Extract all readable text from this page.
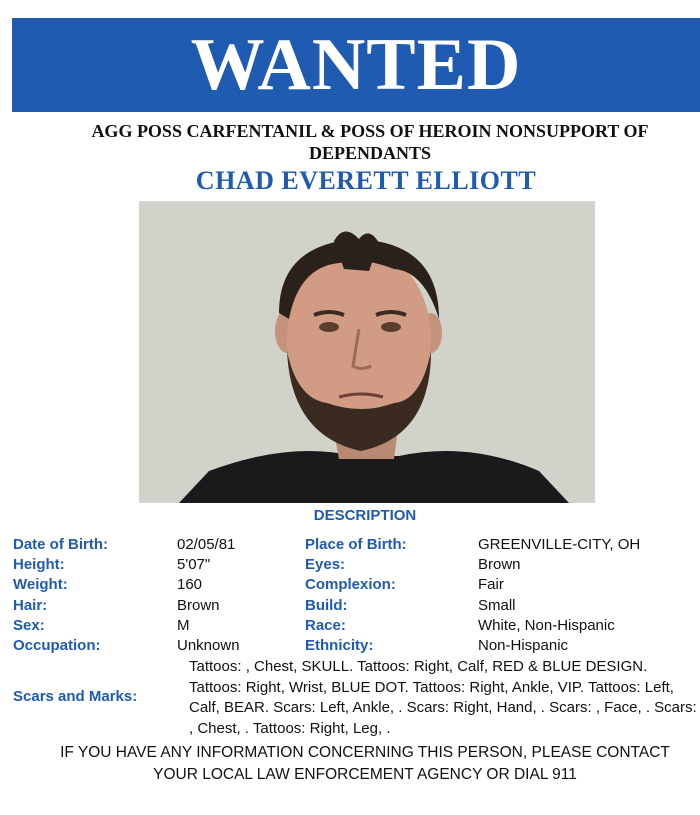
WANTED
AGG POSS CARFENTANIL & POSS OF HEROIN NONSUPPORT OF DEPENDANTS
CHAD EVERETT ELLIOTT
DESCRIPTION
Date of Birth:	02/05/81
Height:	5'07"
Weight:	160
Hair:	Brown
Sex:	M
Occupation:	Unknown
Place of Birth:	GREENVILLE-CITY, OH
Eyes:	Brown
Complexion:	Fair
Build:	Small
Race:	White, Non-Hispanic
Ethnicity:	Non-Hispanic
Scars and Marks:
Tattoos: , Chest, SKULL. Tattoos: Right, Calf, RED & BLUE DESIGN. Tattoos: Right, Wrist, BLUE DOT. Tattoos: Right, Ankle, VIP. Tattoos: Left, Calf, BEAR. Scars: Left, Ankle, . Scars: Right, Hand, . Scars: , Face, . Scars: , Chest, . Tattoos: Right, Leg, .
IF YOU HAVE ANY INFORMATION CONCERNING THIS PERSON, PLEASE CONTACT
YOUR LOCAL LAW ENFORCEMENT AGENCY OR DIAL 911
